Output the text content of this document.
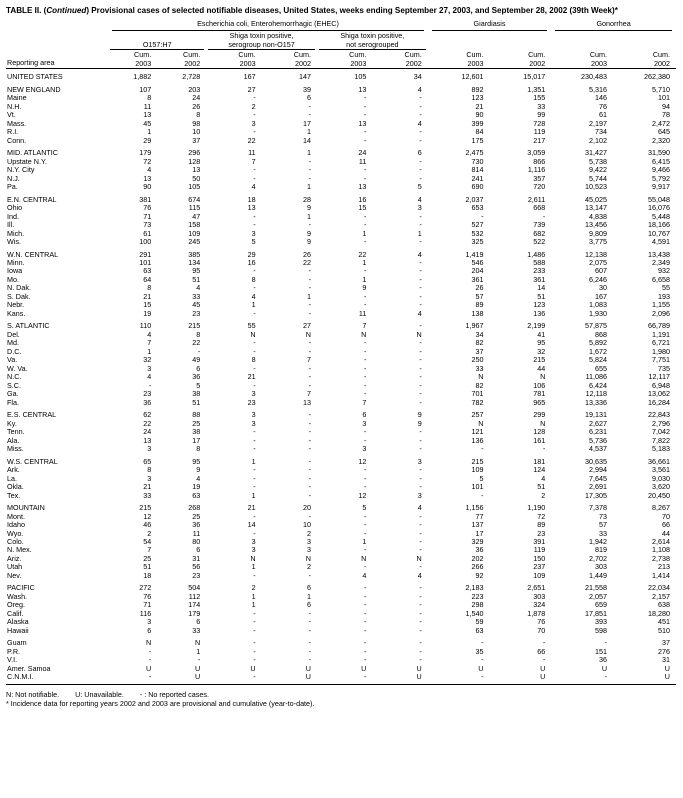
TABLE II. (Continued) Provisional cases of selected notifiable diseases, United States, weeks ending September 27, 2003, and September 28, 2002 (39th Week)*
Reporting area	Escherichia coli, Enterohemorrhagic (EHEC)						Giardiasis		Gonorrhea	

	O157:H7		Shiga toxin positive,

serogroup non-O157		Shiga toxin positive,

not serogrouped					

	Cum.	Cum.	Cum.	Cum.	Cum.	Cum.	Cum.	Cum.	Cum.	Cum.
	2003	2002	2003	2002	2003	2002	2003	2002	2003	2002

UNITED STATES	1,882	2,728	167	147	105	34	12,601	15,017	230,483	262,380

NEW ENGLAND	107	203	27	39	13	4	892	1,351	5,316	5,710
Maine	8	24	-	6	-	-	123	155	146	101
N.H.	11	26	2	-	-	-	21	33	76	94
Vt.	13	8	-	-	-	-	90	99	61	78
Mass.	45	98	3	17	13	4	399	728	2,197	2,472
R.I.	1	10	-	1	-	-	84	119	734	645
Conn.	29	37	22	14	-	-	175	217	2,102	2,320

MID. ATLANTIC	179	296	11	1	24	6	2,475	3,059	31,427	31,590
Upstate N.Y.	72	128	7	-	11	-	730	866	5,738	6,415
N.Y. City	4	13	-	-	-	-	814	1,116	9,422	9,466
N.J.	13	50	-	-	-	-	241	357	5,744	5,792
Pa.	90	105	4	1	13	5	690	720	10,523	9,917

E.N. CENTRAL	381	674	18	28	16	4	2,037	2,611	45,025	55,048
Ohio	76	115	13	9	15	3	653	668	13,147	16,076
Ind.	71	47	-	1	-	-	-	-	4,838	5,448
Ill.	73	158	-	-	-	-	527	739	13,456	18,166
Mich.	61	109	3	9	1	1	532	682	9,809	10,767
Wis.	100	245	5	9	-	-	325	522	3,775	4,591

W.N. CENTRAL	291	385	29	26	22	4	1,419	1,486	12,138	13,438
Minn.	101	134	16	22	1	-	546	588	2,075	2,349
Iowa	63	95	-	-	-	-	204	233	607	932
Mo.	64	51	8	-	1	-	361	361	6,246	6,658
N. Dak.	8	4	-	-	9	-	26	14	30	55
S. Dak.	21	33	4	1	-	-	57	51	167	193
Nebr.	15	45	1	-	-	-	89	123	1,083	1,155
Kans.	19	23	-	-	11	4	138	136	1,930	2,096

S. ATLANTIC	110	215	55	27	7	-	1,967	2,199	57,875	66,789
Del.	4	8	N	N	N	N	34	41	868	1,191
Md.	7	22	-	-	-	-	82	95	5,892	6,721
D.C.	1	-	-	-	-	-	37	32	1,672	1,980
Va.	32	49	8	7	-	-	250	215	5,824	7,751
W. Va.	3	6	-	-	-	-	33	44	655	735
N.C.	4	36	21	-	-	-	N	N	11,086	12,117
S.C.	-	5	-	-	-	-	82	106	6,424	6,948
Ga.	23	38	3	7	-	-	701	781	12,118	13,062
Fla.	36	51	23	13	7	-	782	965	13,336	16,284

E.S. CENTRAL	62	88	3	-	6	9	257	299	19,131	22,843
Ky.	22	25	3	-	3	9	N	N	2,627	2,796
Tenn.	24	38	-	-	-	-	121	128	6,231	7,042
Ala.	13	17	-	-	-	-	136	161	5,736	7,822
Miss.	3	8	-	-	3	-	-	-	4,537	5,183

W.S. CENTRAL	65	95	1	-	12	3	215	181	30,635	36,661
Ark.	8	9	-	-	-	-	109	124	2,994	3,561
La.	3	4	-	-	-	-	5	4	7,645	9,030
Okla.	21	19	-	-	-	-	101	51	2,691	3,620
Tex.	33	63	1	-	12	3	-	2	17,305	20,450

MOUNTAIN	215	268	21	20	5	4	1,156	1,190	7,378	8,267
Mont.	12	25	-	-	-	-	77	72	73	70
Idaho	46	36	14	10	-	-	137	89	57	66
Wyo.	2	11	-	2	-	-	17	23	33	44
Colo.	54	80	3	3	1	-	329	391	1,942	2,614
N. Mex.	7	6	3	3	-	-	36	119	819	1,108
Ariz.	25	31	N	N	N	N	202	150	2,702	2,738
Utah	51	56	1	2	-	-	266	237	303	213
Nev.	18	23	-	-	4	4	92	109	1,449	1,414

PACIFIC	272	504	2	6	-	-	2,183	2,651	21,558	22,034
Wash.	76	112	1	1	-	-	223	303	2,057	2,157
Oreg.	71	174	1	6	-	-	298	324	659	638
Calif.	116	179	-	-	-	-	1,540	1,878	17,851	18,280
Alaska	3	6	-	-	-	-	59	76	393	451
Hawaii	6	33	-	-	-	-	63	70	598	510

Guam	N	N	-	-	-	-	-	-	-	37
P.R.	-	1	-	-	-	-	35	66	151	276
V.I.	-	-	-	-	-	-	-	-	36	31
Amer. Samoa	U	U	U	U	U	U	U	U	U	U
C.N.M.I.	-	U	-	U	-	U	-	U	-	U
N: Not notifiable.        U: Unavailable.        - : No reported cases.
* Incidence data for reporting years 2002 and 2003 are provisional and cumulative (year-to-date).
